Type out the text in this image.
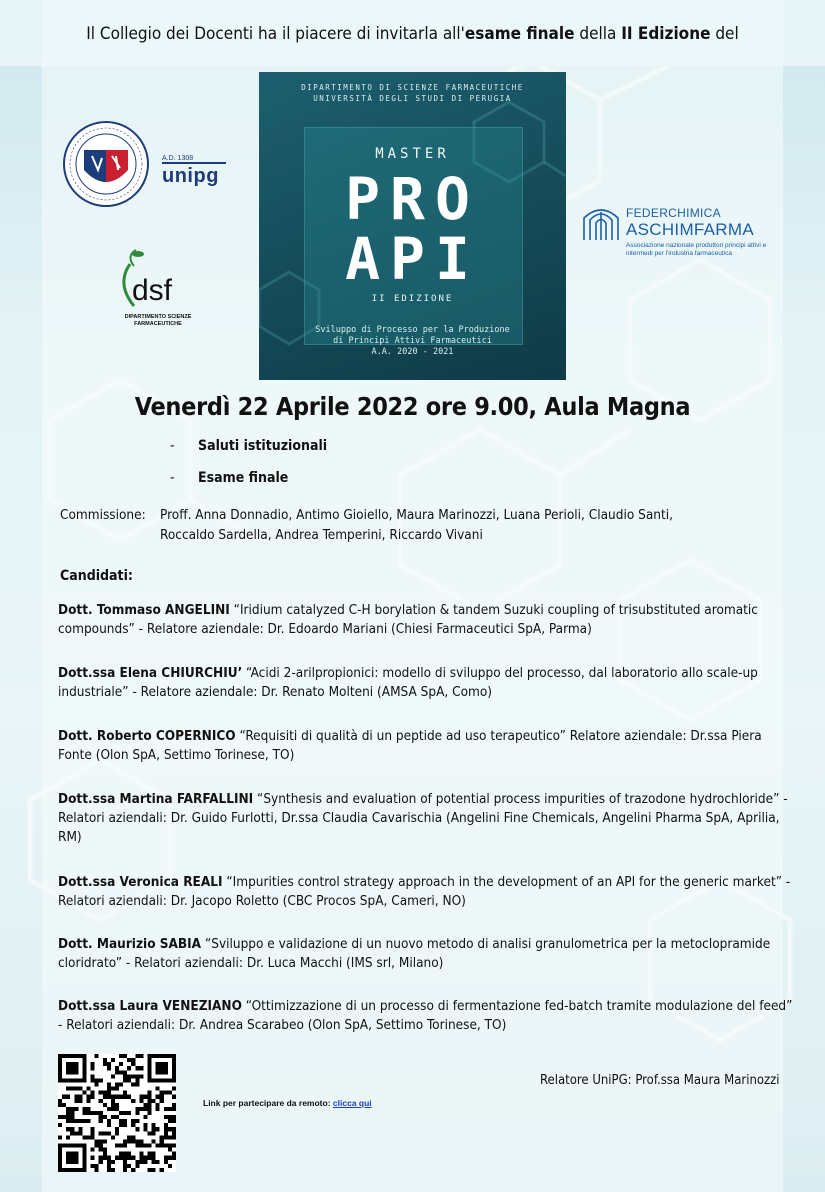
Il Collegio dei Docenti ha il piacere di invitarla all'esame finale della II Edizione del
A.D. 1308
unipg
dsf
DIPARTIMENTO SCIENZE FARMACEUTICHE
DIPARTIMENTO DI SCIENZE FARMACEUTICHE
UNIVERSITÀ DEGLI STUDI DI PERUGIA
MASTER
PRO
API
II EDIZIONE
Sviluppo di Processo per la Produzione
di Principi Attivi Farmaceutici
A.A. 2020 - 2021
FEDERCHIMICA
ASCHIMFARMA
Associazione nazionale produttori principi attivi e intermedi per l'industria farmaceutica
Venerdì 22 Aprile 2022 ore 9.00, Aula Magna
- Saluti istituzionali
- Esame finale
Commissione: Proff. Anna Donnadio, Antimo Gioiello, Maura Marinozzi, Luana Perioli, Claudio Santi,
Roccaldo Sardella, Andrea Temperini, Riccardo Vivani
Candidati:
Dott. Tommaso ANGELINI “Iridium catalyzed C-H borylation & tandem Suzuki coupling of trisubstituted aromatic compounds” - Relatore aziendale: Dr. Edoardo Mariani (Chiesi Farmaceutici SpA, Parma)
Dott.ssa Elena CHIURCHIU’ “Acidi 2-arilpropionici: modello di sviluppo del processo, dal laboratorio allo scale-up industriale” - Relatore aziendale: Dr. Renato Molteni (AMSA SpA, Como)
Dott. Roberto COPERNICO “Requisiti di qualità di un peptide ad uso terapeutico” Relatore aziendale: Dr.ssa Piera Fonte (Olon SpA, Settimo Torinese, TO)
Dott.ssa Martina FARFALLINI “Synthesis and evaluation of potential process impurities of trazodone hydrochloride” - Relatori aziendali: Dr. Guido Furlotti, Dr.ssa Claudia Cavarischia (Angelini Fine Chemicals, Angelini Pharma SpA, Aprilia, RM)
Dott.ssa Veronica REALI “Impurities control strategy approach in the development of an API for the generic market” - Relatori aziendali: Dr. Jacopo Roletto (CBC Procos SpA, Cameri, NO)
Dott. Maurizio SABIA “Sviluppo e validazione di un nuovo metodo di analisi granulometrica per la metoclopramide cloridrato” - Relatori aziendali: Dr. Luca Macchi (IMS srl, Milano)
Dott.ssa Laura VENEZIANO “Ottimizzazione di un processo di fermentazione fed-batch tramite modulazione del feed” - Relatori aziendali: Dr. Andrea Scarabeo (Olon SpA, Settimo Torinese, TO)
Link per partecipare da remoto: clicca qui
Relatore UniPG: Prof.ssa Maura Marinozzi
